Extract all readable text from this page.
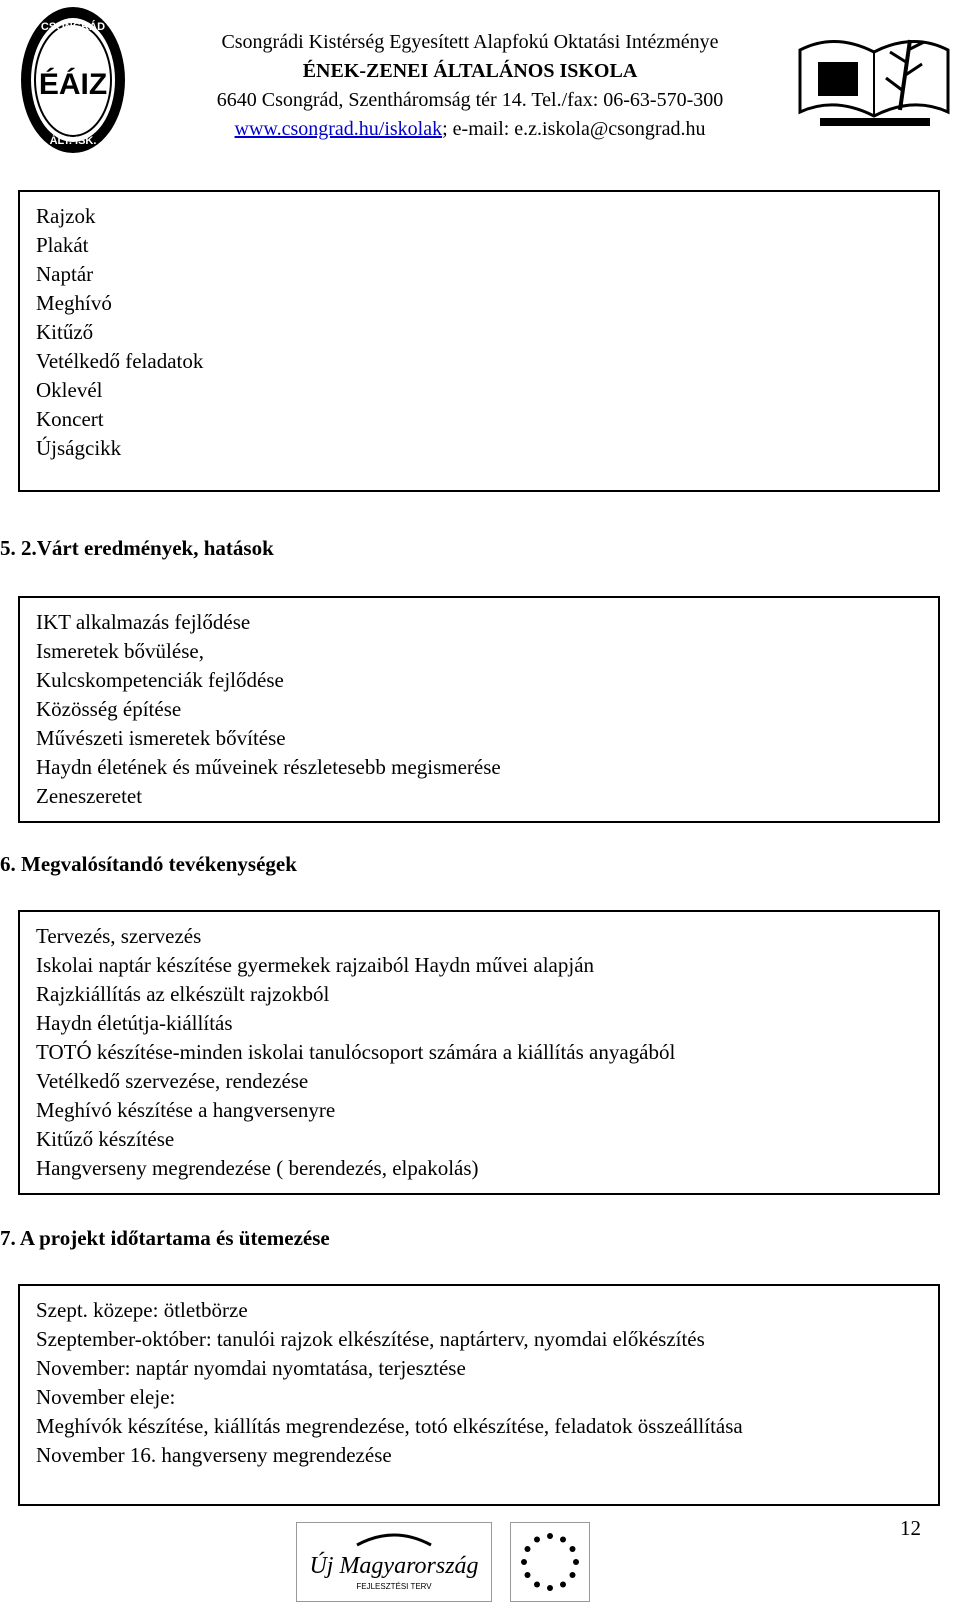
CSONGRÁD
ÉÁIZ
ÁLT. ISK.
Csongrádi Kistérség Egyesített Alapfokú Oktatási Intézménye
ÉNEK-ZENEI ÁLTALÁNOS ISKOLA
6640 Csongrád, Szentháromság tér 14. Tel./fax: 06-63-570-300
www.csongrad.hu/iskolak; e-mail: e.z.iskola@csongrad.hu
Rajzok
Plakát
Naptár
Meghívó
Kitűző
Vetélkedő feladatok
Oklevél
Koncert
Újságcikk
5. 2.Várt eredmények, hatások
IKT alkalmazás fejlődése
Ismeretek bővülése,
Kulcskompetenciák fejlődése
Közösség építése
Művészeti ismeretek bővítése
Haydn életének és műveinek részletesebb megismerése
Zeneszeretet
6. Megvalósítandó tevékenységek
Tervezés, szervezés
Iskolai naptár készítése gyermekek rajzaiból Haydn művei alapján
Rajzkiállítás az elkészült rajzokból
Haydn életútja-kiállítás
TOTÓ készítése-minden iskolai tanulócsoport számára a kiállítás anyagából
Vetélkedő szervezése, rendezése
Meghívó készítése a hangversenyre
Kitűző készítése
Hangverseny megrendezése ( berendezés, elpakolás)
7. A projekt időtartama és ütemezése
Szept. közepe: ötletbörze
Szeptember-október: tanulói rajzok elkészítése, naptárterv, nyomdai előkészítés
November: naptár nyomdai nyomtatása, terjesztése
November eleje:
Meghívók készítése, kiállítás megrendezése, totó elkészítése, feladatok összeállítása
November 16. hangverseny megrendezése
12
Új Magyarország
FEJLESZTÉSI TERV
